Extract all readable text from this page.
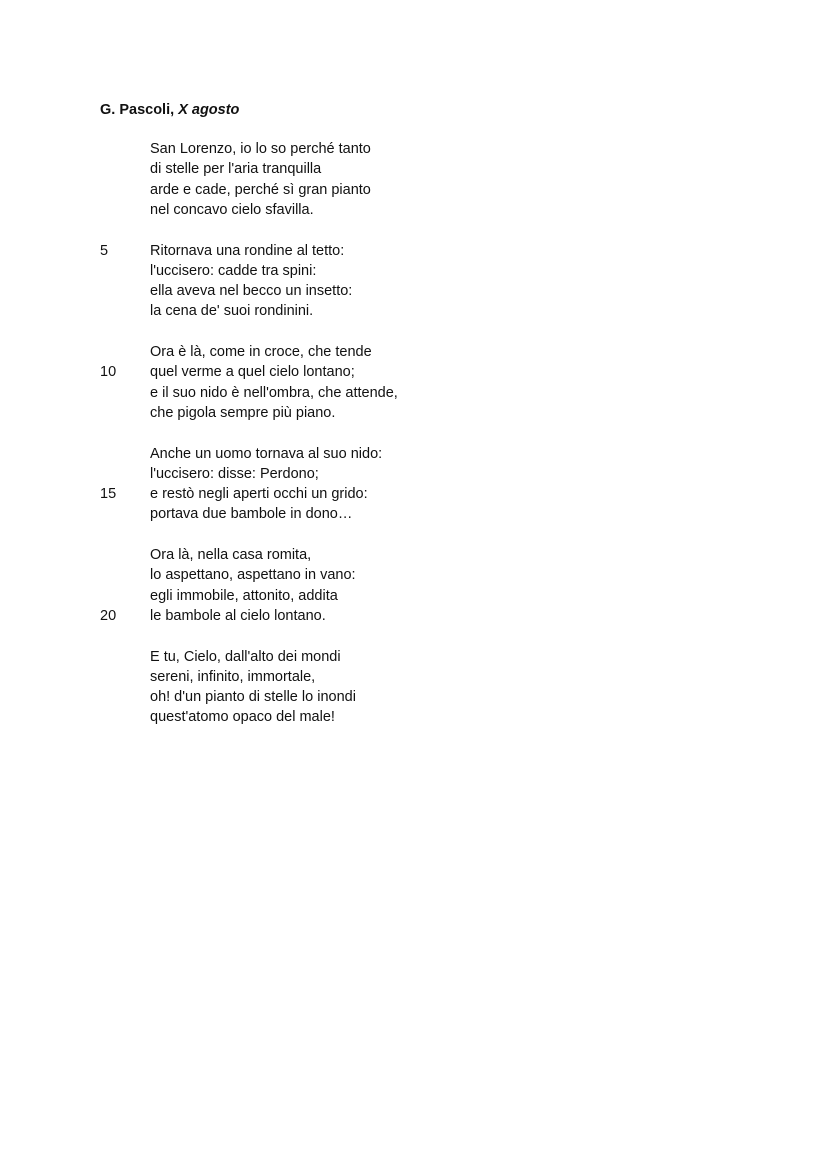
G. Pascoli, X agosto
San Lorenzo, io lo so perché tanto
di stelle per l'aria tranquilla
arde e cade, perché sì gran pianto
nel concavo cielo sfavilla.
5	Ritornava una rondine al tetto:
l'uccisero: cadde tra spini:
ella aveva nel becco un insetto:
la cena de' suoi rondinini.
Ora è là, come in croce, che tende
10	quel verme a quel cielo lontano;
e il suo nido è nell'ombra, che attende,
che pigola sempre più piano.
Anche un uomo tornava al suo nido:
l'uccisero: disse: Perdono;
15	e restò negli aperti occhi un grido:
portava due bambole in dono…
Ora là, nella casa romita,
lo aspettano, aspettano in vano:
egli immobile, attonito, addita
20	le bambole al cielo lontano.
E tu, Cielo, dall'alto dei mondi
sereni, infinito, immortale,
oh! d'un pianto di stelle lo inondi
quest'atomo opaco del male!
